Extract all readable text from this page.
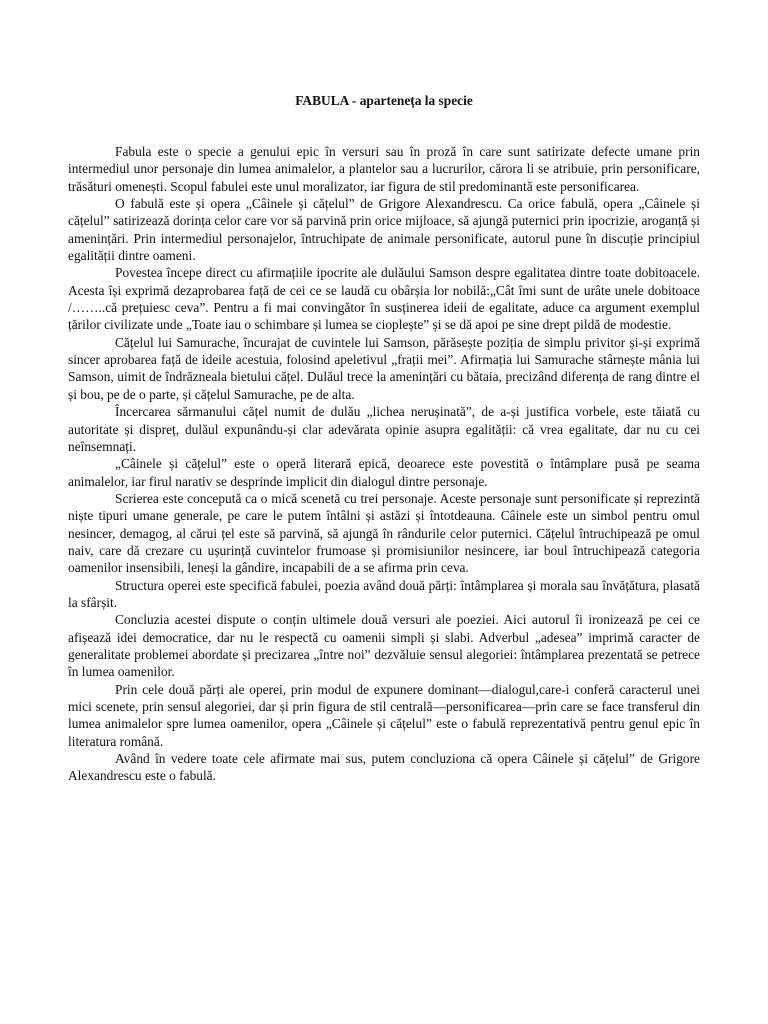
FABULA - aparteneța la specie

Fabula este o specie a genului epic în versuri sau în proză în care sunt satirizate defecte umane prin intermediul unor personaje din lumea animalelor, a plantelor sau a lucrurilor, cărora li se atribuie, prin personificare, trăsături omenești. Scopul fabulei este unul moralizator, iar figura de stil predominantă este personificarea.

O fabulă este și opera „Câinele și cățelul” de Grigore Alexandrescu. Ca orice fabulă, opera „Câinele și cățelul” satirizează dorința celor care vor să parvină prin orice mijloace, să ajungă puternici prin ipocrizie, aroganță și amenințări. Prin intermediul personajelor, întruchipate de animale personificate, autorul pune în discuție principiul egalității dintre oameni.

Povestea începe direct cu afirmațiile ipocrite ale dulăului Samson despre egalitatea dintre toate dobitoacele. Acesta își exprimă dezaprobarea față de cei ce se laudă cu obârșia lor nobilă:„Cât îmi sunt de urâte unele dobitoace /……..că prețuiesc ceva”. Pentru a fi mai convingător în susținerea ideii de egalitate, aduce ca argument exemplul țărilor civilizate unde „Toate iau o schimbare și lumea se cioplește” și se dă apoi pe sine drept pildă de modestie.

Cățelul lui Samurache, încurajat de cuvintele lui Samson, părăsește poziția de simplu privitor și-și exprimă sincer aprobarea față de ideile acestuia, folosind apeletivul „frații mei”. Afirmația lui Samurache stârnește mânia lui Samson, uimit de îndrăzneala bietului cățel. Dulăul trece la amenințări cu bătaia, precizând diferența de rang dintre el și bou, pe de o parte, și cățelul Samurache, pe de alta.

Încercarea sărmanului cățel numit de dulău „lichea nerușinată”, de a-și justifica vorbele, este tăiată cu autoritate și dispreț, dulăul expunându-și clar adevărata opinie asupra egalității: că vrea egalitate, dar nu cu cei neînsemnați.

„Câinele și cățelul” este o operă literară epică, deoarece este povestită o întâmplare pusă pe seama animalelor, iar firul narativ se desprinde implicit din dialogul dintre personaje.

Scrierea este concepută ca o mică scenetă cu trei personaje. Aceste personaje sunt personificate și reprezintă niște tipuri umane generale, pe care le putem întâlni și astăzi și întotdeauna. Câinele este un simbol pentru omul nesincer, demagog, al cărui țel este să parvină, să ajungă în rândurile celor puternici. Cățelul întruchipează pe omul naiv, care dă crezare cu ușurință cuvintelor frumoase și promisiunilor nesincere, iar boul întruchipează categoria oamenilor insensibili, leneși la gândire, incapabili de a se afirma prin ceva.

Structura operei este specifică fabulei, poezia având două părți: întâmplarea și morala sau învățătura, plasată la sfârșit.

Concluzia acestei dispute o conțin ultimele două versuri ale poeziei. Aici autorul îi ironizează pe cei ce afișează idei democratice, dar nu le respectă cu oamenii simpli și slabi. Adverbul „adesea” imprimă caracter de generalitate problemei abordate și precizarea „între noi” dezvăluie sensul alegoriei: întâmplarea prezentată se petrece în lumea oamenilor.

Prin cele două părți ale operei, prin modul de expunere dominant—dialogul,care-i conferă caracterul unei mici scenete, prin sensul alegoriei, dar și prin figura de stil centrală—personificarea—prin care se face transferul din lumea animalelor spre lumea oamenilor, opera „Câinele și cățelul” este o fabulă reprezentativă pentru genul epic în literatura română.

Având în vedere toate cele afirmate mai sus, putem concluziona că opera Câinele și cățelul” de Grigore Alexandrescu este o fabulă.
